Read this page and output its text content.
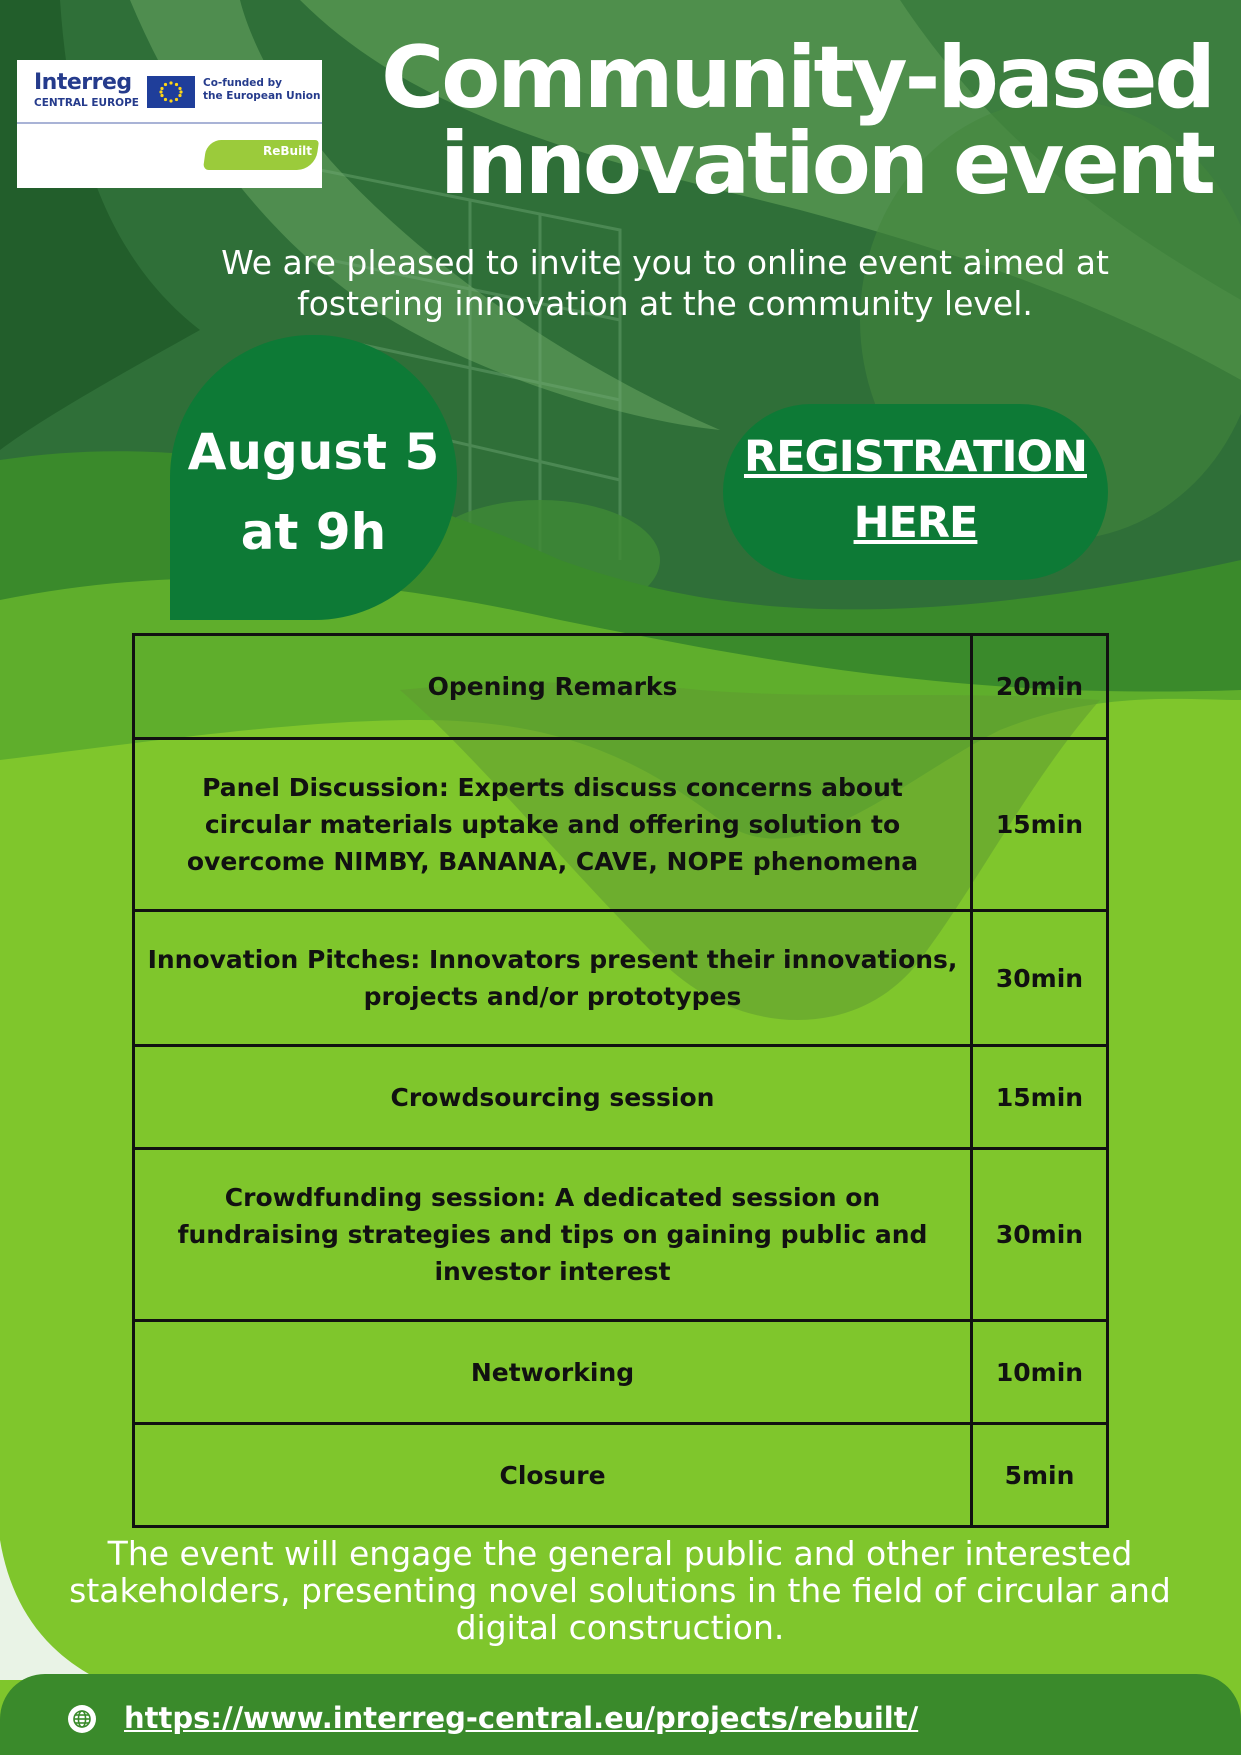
Interreg
CENTRAL EUROPE
Co-funded by
the European Union
ReBuilt
Community-based
innovation event

We are pleased to invite you to online event aimed at fostering innovation at the community level.

August 5
at 9h
REGISTRATION
HERE
Opening Remarks	20min
Panel Discussion: Experts discuss concerns about circular materials uptake and offering solution to overcome NIMBY, BANANA, CAVE, NOPE phenomena	15min
Innovation Pitches: Innovators present their innovations, projects and/or prototypes	30min
Crowdsourcing session	15min
Crowdfunding session: A dedicated session on fundraising strategies and tips on gaining public and investor interest	30min
Networking	10min
Closure	5min

The event will engage the general public and other interested stakeholders, presenting novel solutions in the field of circular and digital construction.

https://www.interreg-central.eu/projects/rebuilt/
